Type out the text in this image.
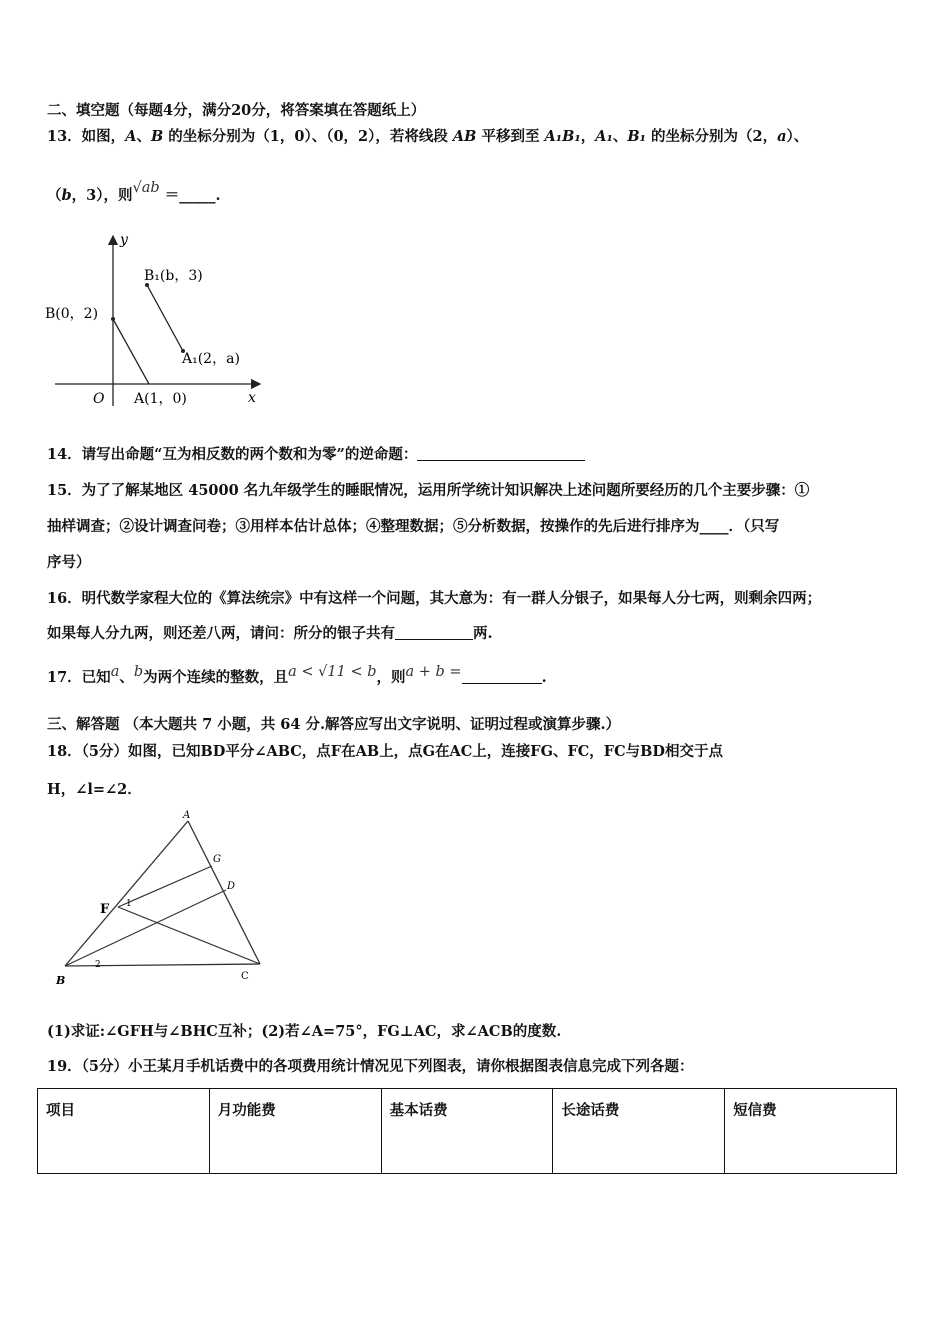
二、填空题（每题4分，满分20分，将答案填在答题纸上）
13．如图，A、B 的坐标分别为（1，0）、（0，2），若将线段 AB 平移到至 A₁B₁，A₁、B₁ 的坐标分别为（2，a）、
（b，3），则√ab ＝_____.
y
x
O
B(0，2)
A(1，0)
B₁(b，3)
A₁(2，a)
14．请写出命题“互为相反数的两个数和为零”的逆命题：
15．为了了解某地区 45000 名九年级学生的睡眠情况，运用所学统计知识解决上述问题所要经历的几个主要步骤：①
抽样调查；②设计调查问卷；③用样本估计总体；④整理数据；⑤分析数据，按操作的先后进行排序为____．（只写
序号）
16．明代数学家程大位的《算法统宗》中有这样一个问题，其大意为：有一群人分银子，如果每人分七两，则剩余四两；
如果每人分九两，则还差八两，请问：所分的银子共有	两.
17．已知a、b为两个连续的整数，且a < √11 < b，则a + b =	.
三、解答题 （本大题共 7 小题，共 64 分.解答应写出文字说明、证明过程或演算步骤.）
18．（5分）如图，已知BD平分∠ABC，点F在AB上，点G在AC上，连接FG、FC，FC与BD相交于点
H，∠l=∠2．
A
G
D
F 1
2
B	C
(1)求证:∠GFH与∠BHC互补；(2)若∠A=75°，FG⊥AC，求∠ACB的度数.
19．（5分）小王某月手机话费中的各项费用统计情况见下列图表，请你根据图表信息完成下列各题：
项目	月功能费	基本话费	长途话费	短信费
